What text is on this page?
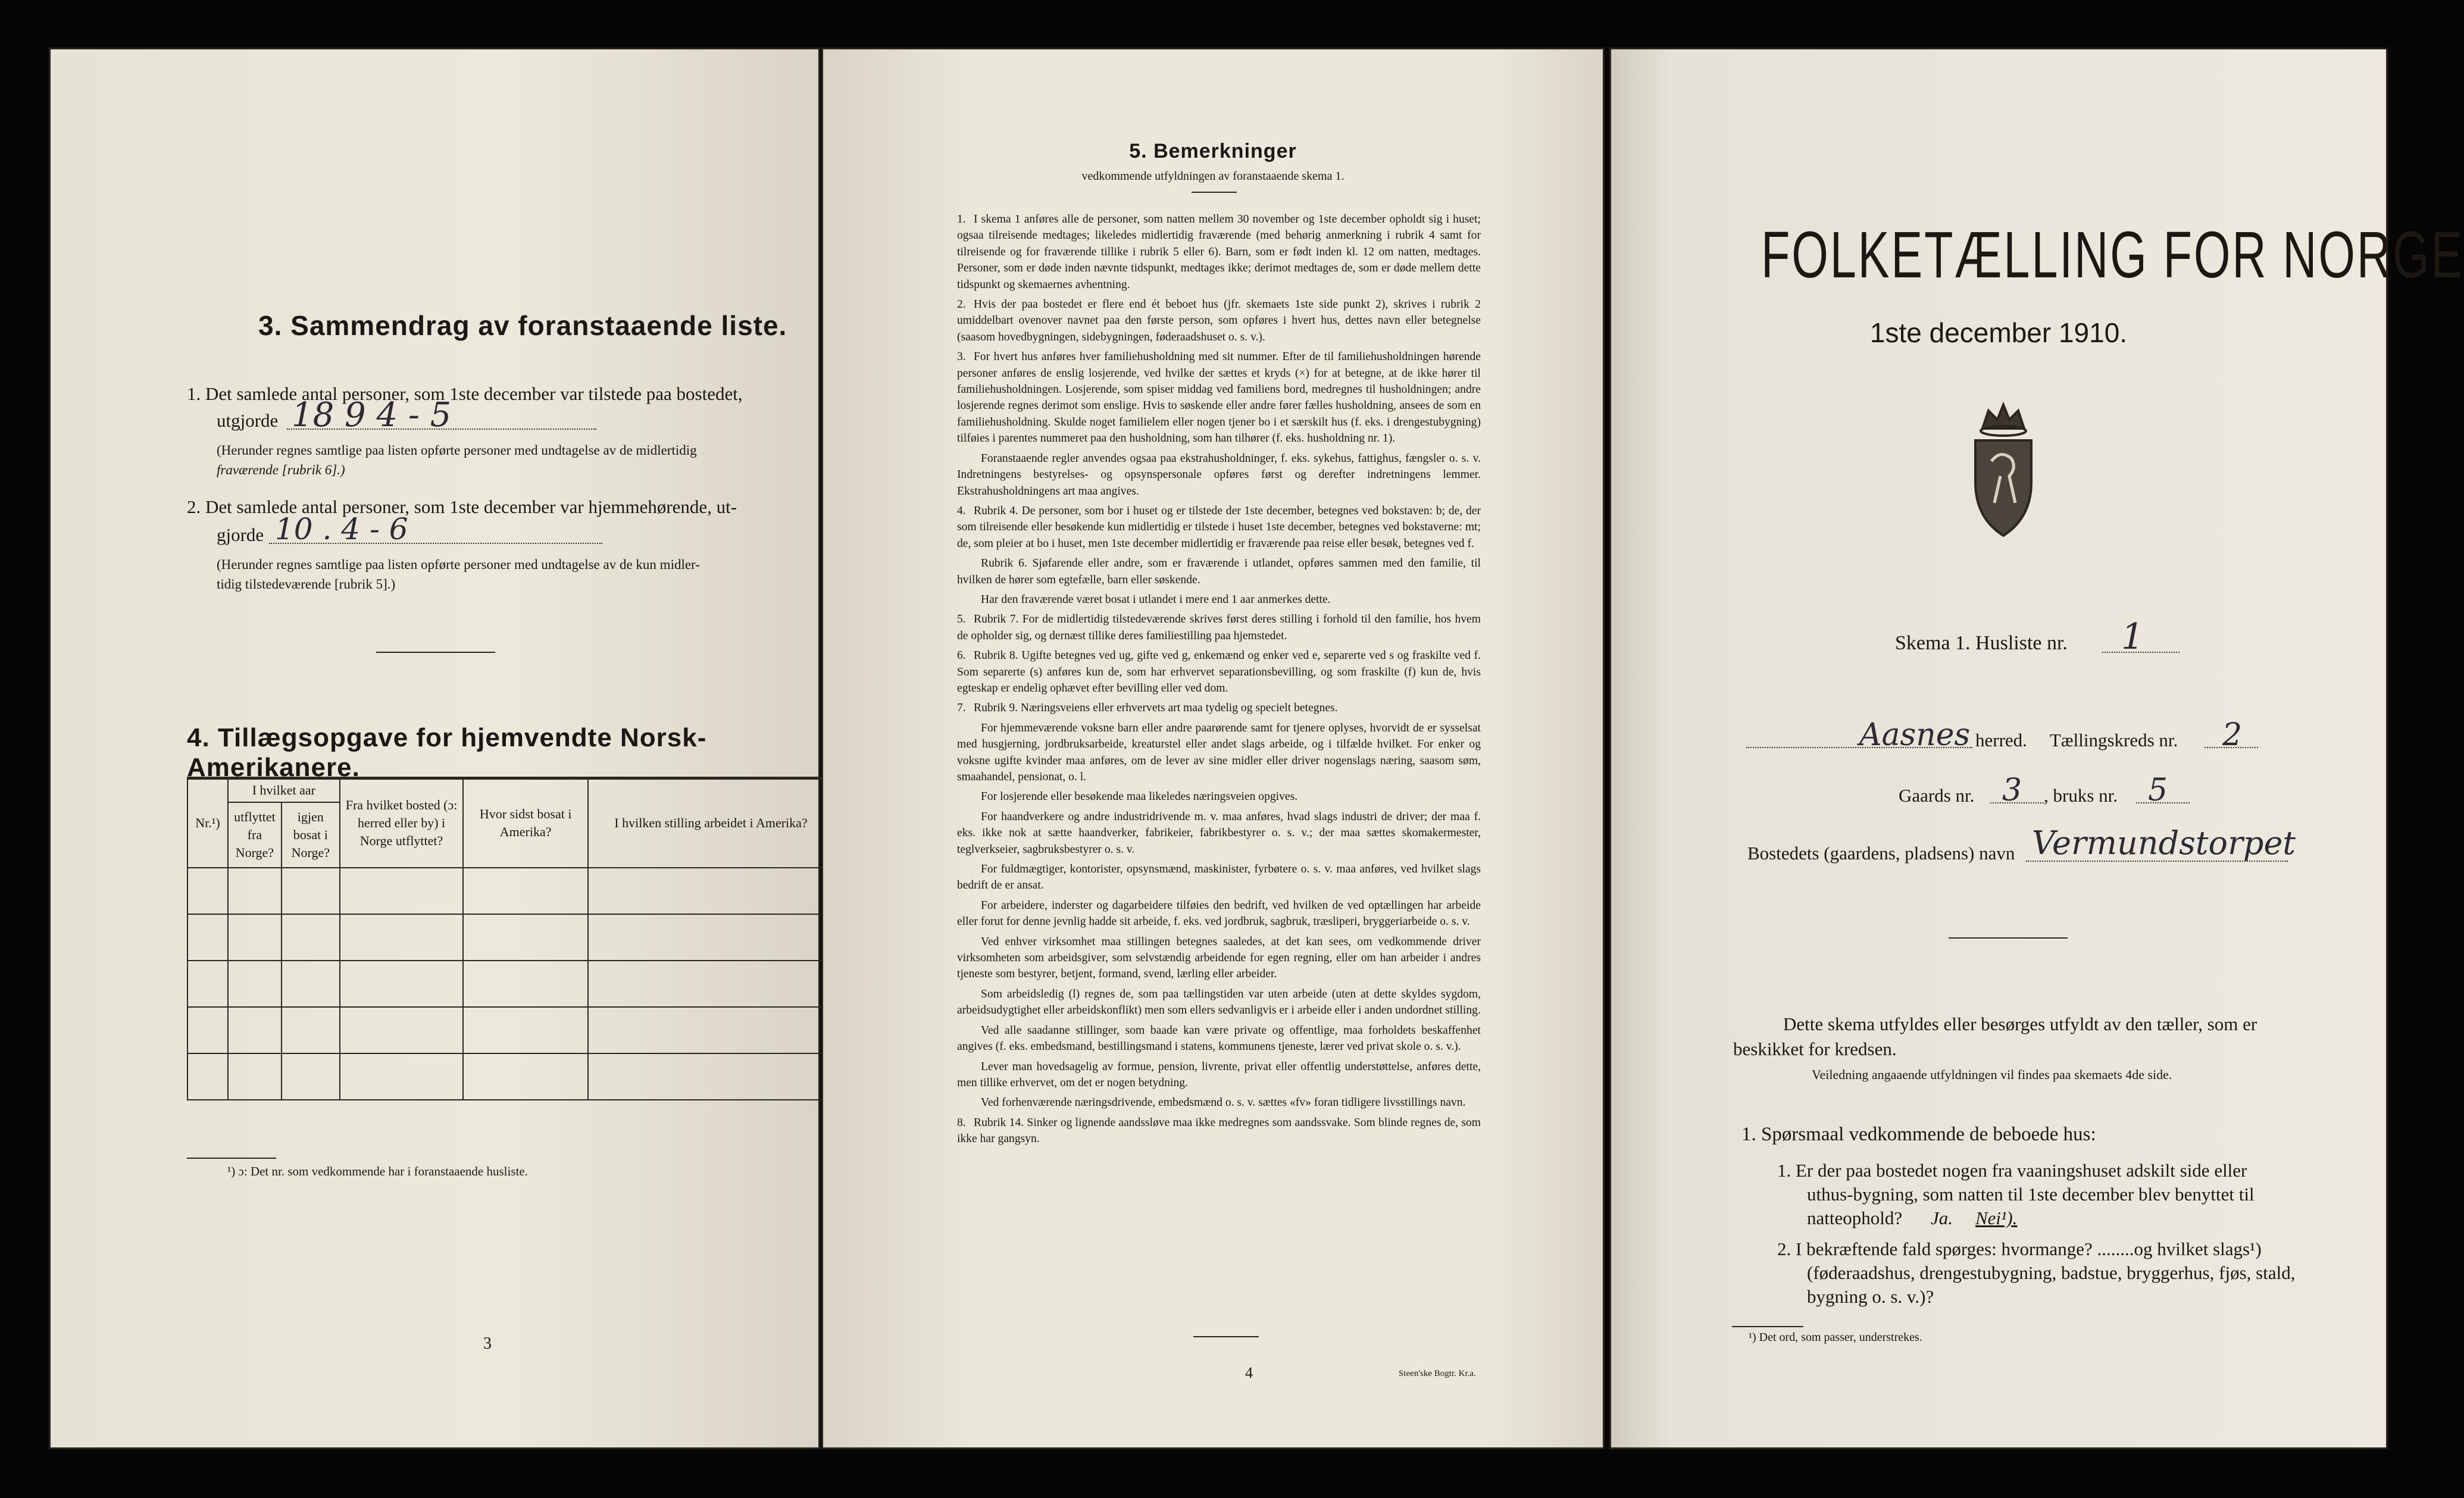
3. Sammendrag av foranstaaende liste.
1. Det samlede antal personer, som 1ste december var tilstede paa bostedet,
utgjorde 18 9 4 - 5
(Herunder regnes samtlige paa listen opførte personer med undtagelse av de midlertidig
fraværende [rubrik 6].)
2. Det samlede antal personer, som 1ste december var hjemmehørende, ut-
gjorde 10 . 4 - 6
(Herunder regnes samtlige paa listen opførte personer med undtagelse av de kun midler-
tidig tilstedeværende [rubrik 5].)
4. Tillægsopgave for hjemvendte Norsk-Amerikanere.
Nr.¹)	I hvilket aar		Fra hvilket bosted (ɔ: herred eller by) i Norge utflyttet?	Hvor sidst bosat i Amerika?	I hvilken stilling arbeidet i Amerika?
	utflyttet fra Norge?	igjen bosat i Norge?			

¹) ɔ: Det nr. som vedkommende har i foranstaaende husliste.
3
5. Bemerkninger
vedkommende utfyldningen av foranstaaende skema 1.

1. I skema 1 anføres alle de personer, som natten mellem 30 november og 1ste december opholdt sig i huset; ogsaa tilreisende medtages; likeledes midlertidig fraværende (med behørig anmerkning i rubrik 4 samt for tilreisende og for fraværende tillike i rubrik 5 eller 6). Barn, som er født inden kl. 12 om natten, medtages. Personer, som er døde inden nævnte tidspunkt, medtages ikke; derimot medtages de, som er døde mellem dette tidspunkt og skemaernes avhentning.

2. Hvis der paa bostedet er flere end ét beboet hus (jfr. skemaets 1ste side punkt 2), skrives i rubrik 2 umiddelbart ovenover navnet paa den første person, som opføres i hvert hus, dettes navn eller betegnelse (saasom hovedbygningen, sidebygningen, føderaadshuset o. s. v.).

3. For hvert hus anføres hver familiehusholdning med sit nummer. Efter de til familiehusholdningen hørende personer anføres de enslig losjerende, ved hvilke der sættes et kryds (×) for at betegne, at de ikke hører til familiehusholdningen. Losjerende, som spiser middag ved familiens bord, medregnes til husholdningen; andre losjerende regnes derimot som enslige. Hvis to søskende eller andre fører fælles husholdning, ansees de som en familiehusholdning. Skulde noget familielem eller nogen tjener bo i et særskilt hus (f. eks. i drengestubygning) tilføies i parentes nummeret paa den husholdning, som han tilhører (f. eks. husholdning nr. 1).

Foranstaaende regler anvendes ogsaa paa ekstrahusholdninger, f. eks. sykehus, fattighus, fængsler o. s. v. Indretningens bestyrelses- og opsynspersonale opføres først og derefter indretningens lemmer. Ekstrahusholdningens art maa angives.

4. Rubrik 4. De personer, som bor i huset og er tilstede der 1ste december, betegnes ved bokstaven: b; de, der som tilreisende eller besøkende kun midlertidig er tilstede i huset 1ste december, betegnes ved bokstaverne: mt; de, som pleier at bo i huset, men 1ste december midlertidig er fraværende paa reise eller besøk, betegnes ved f.

Rubrik 6. Sjøfarende eller andre, som er fraværende i utlandet, opføres sammen med den familie, til hvilken de hører som egtefælle, barn eller søskende.

Har den fraværende været bosat i utlandet i mere end 1 aar anmerkes dette.

5. Rubrik 7. For de midlertidig tilstedeværende skrives først deres stilling i forhold til den familie, hos hvem de opholder sig, og dernæst tillike deres familiestilling paa hjemstedet.

6. Rubrik 8. Ugifte betegnes ved ug, gifte ved g, enkemænd og enker ved e, separerte ved s og fraskilte ved f. Som separerte (s) anføres kun de, som har erhvervet separationsbevilling, og som fraskilte (f) kun de, hvis egteskap er endelig ophævet efter bevilling eller ved dom.

7. Rubrik 9. Næringsveiens eller erhvervets art maa tydelig og specielt betegnes.

For hjemmeværende voksne barn eller andre paarørende samt for tjenere oplyses, hvorvidt de er sysselsat med husgjerning, jordbruksarbeide, kreaturstel eller andet slags arbeide, og i tilfælde hvilket. For enker og voksne ugifte kvinder maa anføres, om de lever av sine midler eller driver nogenslags næring, saasom søm, smaahandel, pensionat, o. l.

For losjerende eller besøkende maa likeledes næringsveien opgives.

For haandverkere og andre industridrivende m. v. maa anføres, hvad slags industri de driver; der maa f. eks. ikke nok at sætte haandverker, fabrikeier, fabrikbestyrer o. s. v.; der maa sættes skomakermester, teglverkseier, sagbruksbestyrer o. s. v.

For fuldmægtiger, kontorister, opsynsmænd, maskinister, fyrbøtere o. s. v. maa anføres, ved hvilket slags bedrift de er ansat.

For arbeidere, inderster og dagarbeidere tilføies den bedrift, ved hvilken de ved optællingen har arbeide eller forut for denne jevnlig hadde sit arbeide, f. eks. ved jordbruk, sagbruk, træsliperi, bryggeriarbeide o. s. v.

Ved enhver virksomhet maa stillingen betegnes saaledes, at det kan sees, om vedkommende driver virksomheten som arbeidsgiver, som selvstændig arbeidende for egen regning, eller om han arbeider i andres tjeneste som bestyrer, betjent, formand, svend, lærling eller arbeider.

Som arbeidsledig (l) regnes de, som paa tællingstiden var uten arbeide (uten at dette skyldes sygdom, arbeidsudygtighet eller arbeidskonflikt) men som ellers sedvanligvis er i arbeide eller i anden undordnet stilling.

Ved alle saadanne stillinger, som baade kan være private og offentlige, maa forholdets beskaffenhet angives (f. eks. embedsmand, bestillingsmand i statens, kommunens tjeneste, lærer ved privat skole o. s. v.).

Lever man hovedsagelig av formue, pension, livrente, privat eller offentlig understøttelse, anføres dette, men tillike erhvervet, om det er nogen betydning.

Ved forhenværende næringsdrivende, embedsmænd o. s. v. sættes «fv» foran tidligere livsstillings navn.

8. Rubrik 14. Sinker og lignende aandssløve maa ikke medregnes som aandssvake. Som blinde regnes de, som ikke har gangsyn.

4	Steen'ske Bogtr. Kr.a.
FOLKETÆLLING FOR NORGE
1ste december 1910.
Skema 1. Husliste nr. 1
Aasnes herred. Tællingskreds nr. 2
Gaards nr. 3 , bruks nr. 5
Bostedets (gaardens, pladsens) navn Vermundstorpet
Dette skema utfyldes eller besørges utfyldt av den tæller, som er
beskikket for kredsen.
Veiledning angaaende utfyldningen vil findes paa skemaets 4de side.
1. Spørsmaal vedkommende de beboede hus:
1. Er der paa bostedet nogen fra vaaningshuset adskilt side eller
uthus-bygning, som natten til 1ste december blev benyttet til
natteophold? Ja. Nei¹).
2. I bekræftende fald spørges: hvormange? ........og hvilket slags¹)
(føderaadshus, drengestubygning, badstue, bryggerhus, fjøs, stald,
bygning o. s. v.)?
¹) Det ord, som passer, understrekes.
